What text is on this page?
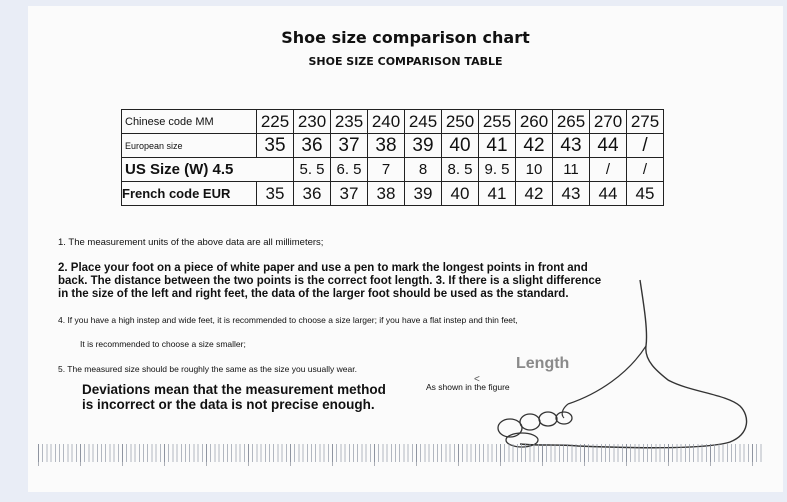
Shoe size comparison chart
SHOE SIZE COMPARISON TABLE
Chinese code MM	225	230	235	240	245	250	255	260	265	270	275
European size	35	36	37	38	39	40	41	42	43	44	/
US Size (W) 4.5		5. 5	6. 5	7	8	8. 5	9. 5	10	11	/	/
French code EUR	35	36	37	38	39	40	41	42	43	44	45

1. The measurement units of the above data are all millimeters;

2. Place your foot on a piece of white paper and use a pen to mark the longest points in front and
back. The distance between the two points is the correct foot length. 3. If there is a slight difference
in the size of the left and right feet, the data of the larger foot should be used as the standard.

4. If you have a high instep and wide feet, it is recommended to choose a size larger; if you have a flat instep and thin feet,

It is recommended to choose a size smaller;

5. The measured size should be roughly the same as the size you usually wear.

Deviations mean that the measurement method
is incorrect or the data is not precise enough.
Length
<
As shown in the figure
